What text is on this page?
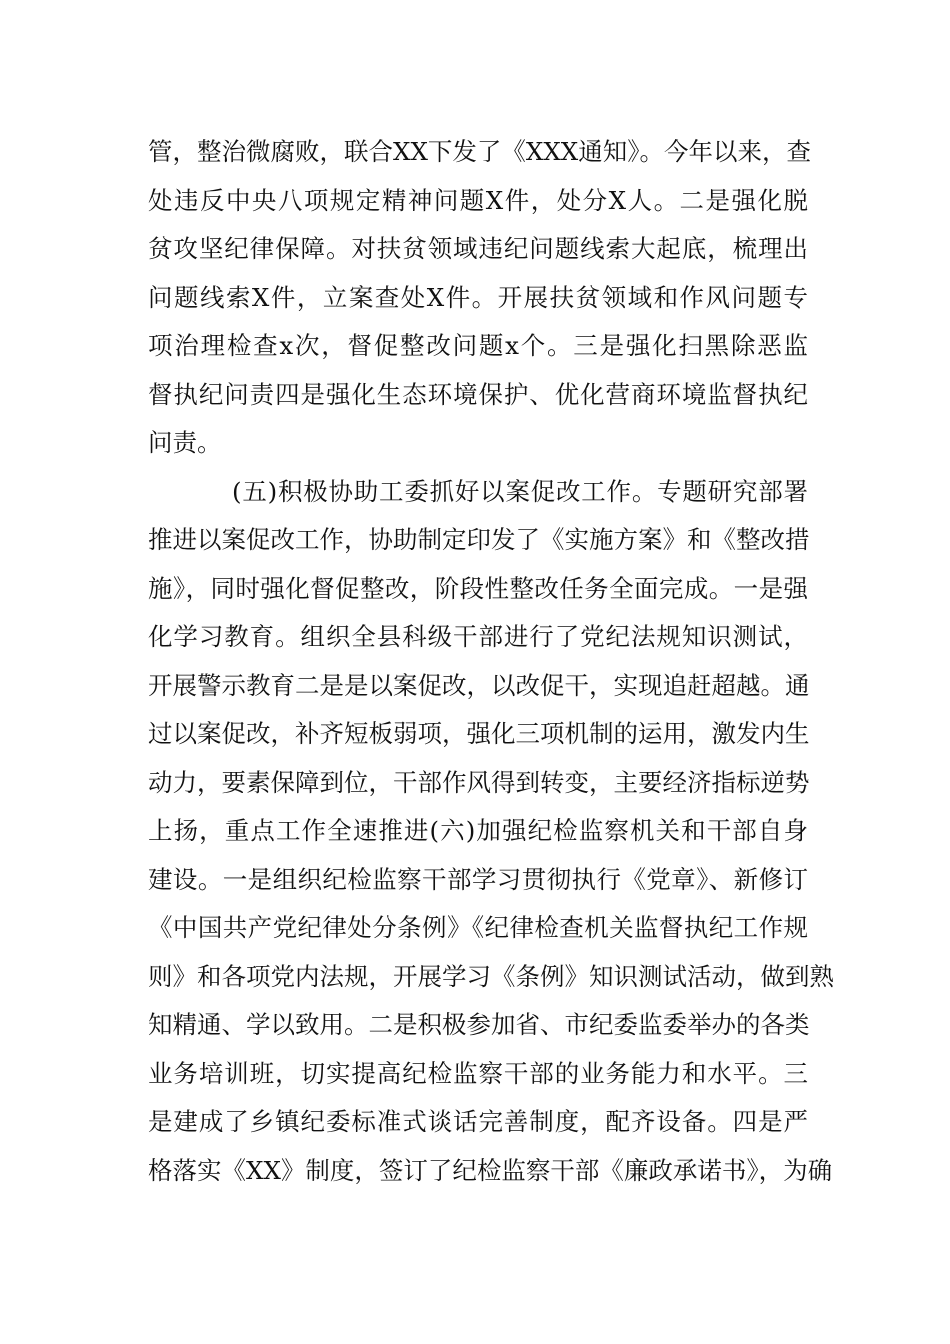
管，整治微腐败，联合XX下发了《XXX通知》。今年以来，查
处违反中央八项规定精神问题X件，处分X人。二是强化脱
贫攻坚纪律保障。对扶贫领域违纪问题线索大起底，梳理出
问题线索X件，立案查处X件。开展扶贫领域和作风问题专
项治理检查x次，督促整改问题x个。三是强化扫黑除恶监
督执纪问责四是强化生态环境保护、优化营商环境监督执纪
问责。
(五)积极协助工委抓好以案促改工作。专题研究部署
推进以案促改工作，协助制定印发了《实施方案》和《整改措
施》，同时强化督促整改，阶段性整改任务全面完成。一是强
化学习教育。组织全县科级干部进行了党纪法规知识测试，
开展警示教育二是是以案促改，以改促干，实现追赶超越。通
过以案促改，补齐短板弱项，强化三项机制的运用，激发内生
动力，要素保障到位，干部作风得到转变，主要经济指标逆势
上扬，重点工作全速推进(六)加强纪检监察机关和干部自身
建设。一是组织纪检监察干部学习贯彻执行《党章》、新修订
《中国共产党纪律处分条例》《纪律检查机关监督执纪工作规
则》和各项党内法规，开展学习《条例》知识测试活动，做到熟
知精通、学以致用。二是积极参加省、市纪委监委举办的各类
业务培训班，切实提高纪检监察干部的业务能力和水平。三
是建成了乡镇纪委标准式谈话完善制度，配齐设备。四是严
格落实《XX》制度，签订了纪检监察干部《廉政承诺书》，为确
